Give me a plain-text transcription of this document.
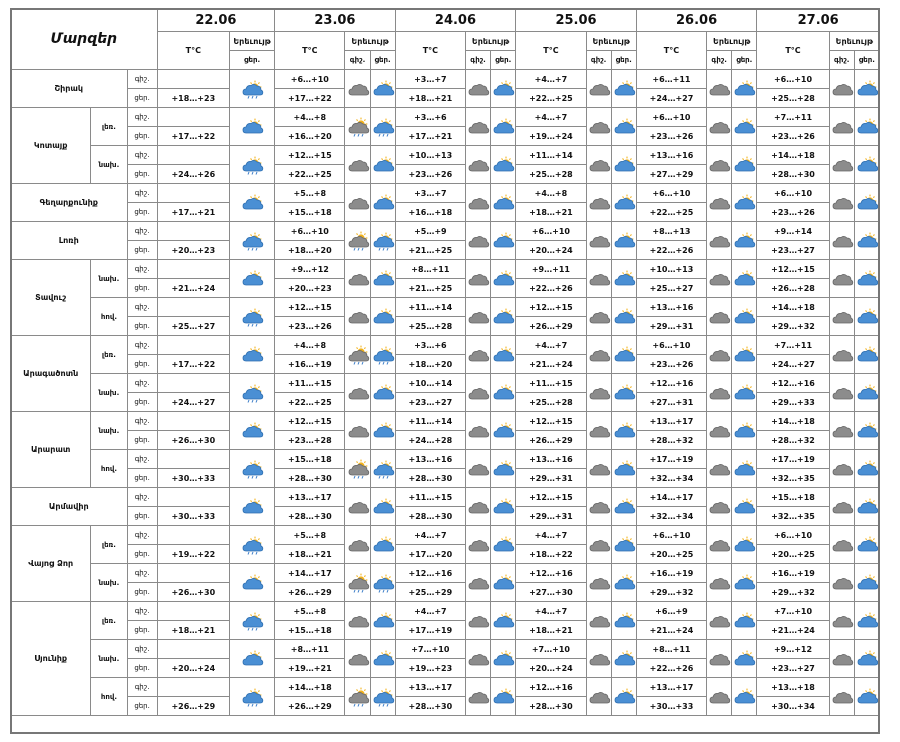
Մարզեր			22.06		23.06			24.06			25.06			26.06			27.06		
			T°C	Երեւույթ	T°C	Երեւույթ		T°C	Երեւույթ		T°C	Երեւույթ		T°C	Երեւույթ		T°C	Երեւույթ	
				ցեր.		գիշ.	ցեր.		գիշ.	ցեր.		գիշ.	ցեր.		գիշ.	ցեր.		գիշ.	ցեր.
Շիրակ		գիշ.			+6…+10			+3…+7			+4…+7			+6…+11			+6…+10	

		ցեր.	+18…+23		+17…+22			+18…+21			+22…+25			+24…+27			+25…+28		
Կոտայք	լեռ.	գիշ.			+4…+8			+3…+6			+4…+7			+6…+10			+7…+11	

		ցեր.	+17…+22		+16…+20			+17…+21			+19…+24			+23…+26			+23…+26		
	նախ.	գիշ.			+12…+15			+10…+13			+11…+14			+13…+16			+14…+18	

		ցեր.	+24…+26		+22…+25			+23…+26			+25…+28			+27…+29			+28…+30		
Գեղարքունիք		գիշ.			+5…+8			+3…+7			+4…+8			+6…+10			+6…+10	

		ցեր.	+17…+21		+15…+18			+16…+18			+18…+21			+22…+25			+23…+26		
Լոռի		գիշ.			+6…+10			+5…+9			+6…+10			+8…+13			+9…+14	

		ցեր.	+20…+23		+18…+20			+21…+25			+20…+24			+22…+26			+23…+27		
Տավուշ	նախ.	գիշ.			+9…+12			+8…+11			+9…+11			+10…+13			+12…+15	

		ցեր.	+21…+24		+20…+23			+21…+25			+22…+26			+25…+27			+26…+28		
	հով.	գիշ.			+12…+15			+11…+14			+12…+15			+13…+16			+14…+18	

		ցեր.	+25…+27		+23…+26			+25…+28			+26…+29			+29…+31			+29…+32		
Արագածոտն	լեռ.	գիշ.			+4…+8			+3…+6			+4…+7			+6…+10			+7…+11	

		ցեր.	+17…+22		+16…+19			+18…+20			+21…+24			+23…+26			+24…+27		
	նախ.	գիշ.			+11…+15			+10…+14			+11…+15			+12…+16			+12…+16	

		ցեր.	+24…+27		+22…+25			+23…+27			+25…+28			+27…+31			+29…+33		
Արարատ	նախ.	գիշ.			+12…+15			+11…+14			+12…+15			+13…+17			+14…+18	

		ցեր.	+26…+30		+23…+28			+24…+28			+26…+29			+28…+32			+28…+32		
	հով.	գիշ.			+15…+18			+13…+16			+13…+16			+17…+19			+17…+19	

		ցեր.	+30…+33		+28…+30			+28…+30			+29…+31			+32…+34			+32…+35		
Արմավիր		գիշ.			+13…+17			+11…+15			+12…+15			+14…+17			+15…+18	

		ցեր.	+30…+33		+28…+30			+28…+30			+29…+31			+32…+34			+32…+35		
Վայոց Ձոր	լեռ.	գիշ.			+5…+8			+4…+7			+4…+7			+6…+10			+6…+10	

		ցեր.	+19…+22		+18…+21			+17…+20			+18…+22			+20…+25			+20…+25		
	նախ.	գիշ.			+14…+17			+12…+16			+12…+16			+16…+19			+16…+19	

		ցեր.	+26…+30		+26…+29			+25…+29			+27…+30			+29…+32			+29…+32		
Սյունիք	լեռ.	գիշ.			+5…+8			+4…+7			+4…+7			+6…+9			+7…+10	

		ցեր.	+18…+21		+15…+18			+17…+19			+18…+21			+21…+24			+21…+24		
	նախ.	գիշ.			+8…+11			+7…+10			+7…+10			+8…+11			+9…+12	

		ցեր.	+20…+24		+19…+21			+19…+23			+20…+24			+22…+26			+23…+27		
	հով.	գիշ.			+14…+18			+13…+17			+12…+16			+13…+17			+13…+18	

		ցեր.	+26…+29		+26…+29			+28…+30			+28…+30			+30…+33			+30…+34		
